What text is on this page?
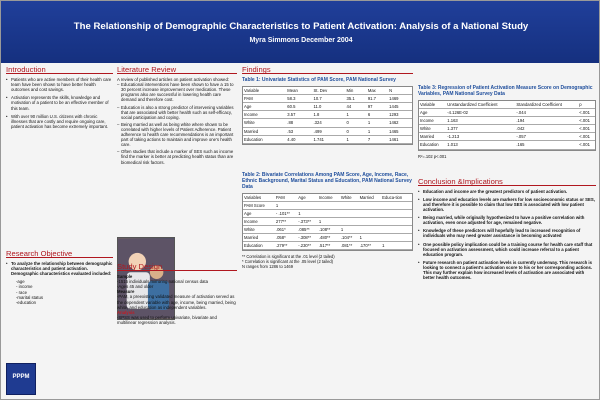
The Relationship of Demographic Characteristics to Patient Activation: Analysis of a National Study
Myra Simmons December 2004
Introduction
• Patients who are active members of their health care team have been shown to have better health outcomes and cost savings.
• Activation represents the skills, knowledge and motivation of a patient to be an effective member of this team.
• With over 90 million U.S. citizens with chronic illnesses that are costly and require ongoing care, patient activation has become extremely important.
Research Objective
• To analyze the relationship between demographic characteristics and patient activation. Demographic characteristics evaluated included:
-age
- income
- race
-marital status
-education
PPPM
Literature Review
A review of published articles on patient activation showed:
– Educational interventions have been shown to have a 15 to 30 percent increase improvement over medication. These programs also are successful in lowering health care demand and therefore cost.
– Education is also a strong predictor of intervening variables that are associated with better health such as self-efficacy, social participation and coping.
– Being married as well as being white where shown to be correlated with higher levels of Patient Adherence. Patient adherence to health care recommendations is an important part of taking actions to maintain and improve one's health care.
– Often studies that include a marker of SES such as income find the marker is better at predicting health status than are biomedical risk factors.
Study Design
Sample
-1515 individuals mirroring national census data
-Ages 45 and older
Measure
-PAM, a preexisting validated measure of activation served as the dependent variable with age, income, being married, being white, and education as independent variables.
Analysis
-SPSS was used to perform univariate, bivariate and multilinear regression analysis.
Findings
Table 1: Univariate Statistics of PAM Score, PAM National Survey
Variable	Mean	St. Dev	Min	Max	N
PAM	58.3	10.7	35.1	91.7	1469
Age	60.5	11.0	44	97	1445
Income	3.57	1.8	1	6	1293
White	.88	.324	0	1	1462
Married	.53	.499	0	1	1465
Education	4.40	1.741	1	7	1461
Table 2: Bivariate Correlations Among PAM Score, Age, Income, Race, Ethnic Background, Marital Status and Education, PAM National Survey Data
Variables	PAM	Age	Income	White	Married	Educa-tion
PAM Score	1					
Age	- .101**	1				
Income	277**	-.373**	1			
White	.061*	.085**	.108**	1		
Married	.058*	-.308**	.480**	.104**	1	
Education	.279**	-.230**	.517**	.081**	.170**	1
** Correlation is significant at the .01 level (2 tailed)
* Correlation is significant at the .05 level (2 tailed)
N ranges from 1286 to 1469
Table 3: Regression of Patient Activation Measure Score on Demographic Variables, PAM National Survey Data
Variable	Unstandardized Coefficient	Standardized Coefficient	p
Age	-4.126E-02	-.044	<.001
Income	1.163	.194	<.001
White	1.377	.042	<.001
Married	-1.213	-.057	<.001
Education	1.013	.165	<.001
R²=.102 p<.001
Conclusion &Implications
• Education and income are the greatest predictors of patient activation.
• Low income and education levels are markers for low socioeconomic status or SES, and therefore it is possible to claim that low SES is associated with low patient activation.
• Being married, while originally hypothesized to have a positive correlation with activation, even once adjusted for age, remained negative.
• Knowledge of these predictors will hopefully lead to increased recognition of individuals who may need greater assistance in becoming activated
• One possible policy implication could be a training course for health care staff that focused on activation assessment, which could increase referral to a patient education program.
• Future research on patient activation levels is currently underway. This research is looking to connect a patient's activation score to his or her corresponding actions. This may further explain how increased levels of activation are associated with better health outcomes.
